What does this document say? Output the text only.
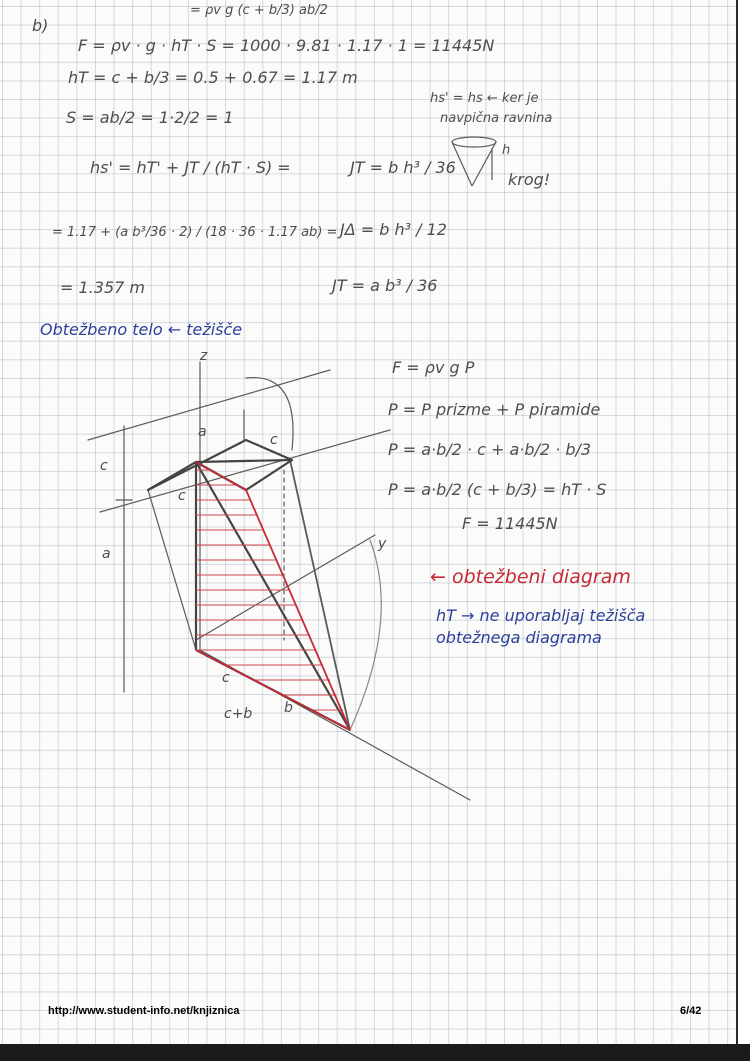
b)
= ρv g (c + b/3) ab/2
F = ρv · g · hT · S = 1000 · 9.81 · 1.17 · 1 = 11445N
hT = c + b/3 = 0.5 + 0.67 = 1.17 m
S = ab/2 = 1·2/2 = 1
hs' = hT' + JT / (hT · S) =
= 1.17 + (a b³/36 · 2) / (18 · 36 · 1.17 ab) =
= 1.357 m
JT = b h³ / 36
JΔ = b h³ / 12
JT = a b³ / 36
hs' = hs ← ker je
navpična ravnina
h
krog!
Obtežbeno telo ← težišče
F = ρv g P
P = P prizme + P piramide
P = a·b/2 · c + a·b/2 · b/3
P = a·b/2 (c + b/3) = hT · S
F = 11445N
← obtežbeni diagram
hT → ne uporabljaj težišča
obtežnega diagrama
z
y
c
a
a	c
c
c
c+b b
http://www.student-info.net/knjiznica	6/42
